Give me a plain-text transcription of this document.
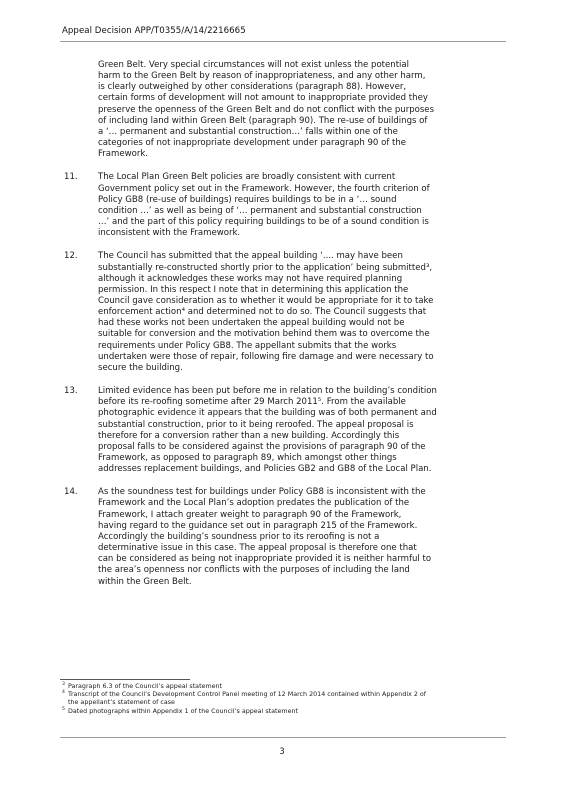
Appeal Decision APP/T0355/A/14/2216665
Green Belt. Very special circumstances will not exist unless the potential
harm to the Green Belt by reason of inappropriateness, and any other harm,
is clearly outweighed by other considerations (paragraph 88). However,
certain forms of development will not amount to inappropriate provided they
preserve the openness of the Green Belt and do not conflict with the purposes
of including land within Green Belt (paragraph 90). The re-use of buildings of
a ‘… permanent and substantial construction…’ falls within one of the
categories of not inappropriate development under paragraph 90 of the
Framework.
11.	The Local Plan Green Belt policies are broadly consistent with current
Government policy set out in the Framework. However, the fourth criterion of
Policy GB8 (re-use of buildings) requires buildings to be in a ‘… sound
condition …’ as well as being of ‘… permanent and substantial construction
…’ and the part of this policy requiring buildings to be of a sound condition is
inconsistent with the Framework.
12.	The Council has submitted that the appeal building ‘.... may have been
substantially re-constructed shortly prior to the application’ being submitted³,
although it acknowledges these works may not have required planning
permission. In this respect I note that in determining this application the
Council gave consideration as to whether it would be appropriate for it to take
enforcement action⁴ and determined not to do so. The Council suggests that
had these works not been undertaken the appeal building would not be
suitable for conversion and the motivation behind them was to overcome the
requirements under Policy GB8. The appellant submits that the works
undertaken were those of repair, following fire damage and were necessary to
secure the building.
13.	Limited evidence has been put before me in relation to the building’s condition
before its re-roofing sometime after 29 March 2011⁵. From the available
photographic evidence it appears that the building was of both permanent and
substantial construction, prior to it being reroofed. The appeal proposal is
therefore for a conversion rather than a new building. Accordingly this
proposal falls to be considered against the provisions of paragraph 90 of the
Framework, as opposed to paragraph 89, which amongst other things
addresses replacement buildings, and Policies GB2 and GB8 of the Local Plan.
14.	As the soundness test for buildings under Policy GB8 is inconsistent with the
Framework and the Local Plan’s adoption predates the publication of the
Framework, I attach greater weight to paragraph 90 of the Framework,
having regard to the guidance set out in paragraph 215 of the Framework.
Accordingly the building’s soundness prior to its reroofing is not a
determinative issue in this case. The appeal proposal is therefore one that
can be considered as being not inappropriate provided it is neither harmful to
the area’s openness nor conflicts with the purposes of including the land
within the Green Belt.
3 Paragraph 6.3 of the Council’s appeal statement
4 Transcript of the Council’s Development Control Panel meeting of 12 March 2014 contained within Appendix 2 of
the appellant’s statement of case
5 Dated photographs within Appendix 1 of the Council’s appeal statement
3
